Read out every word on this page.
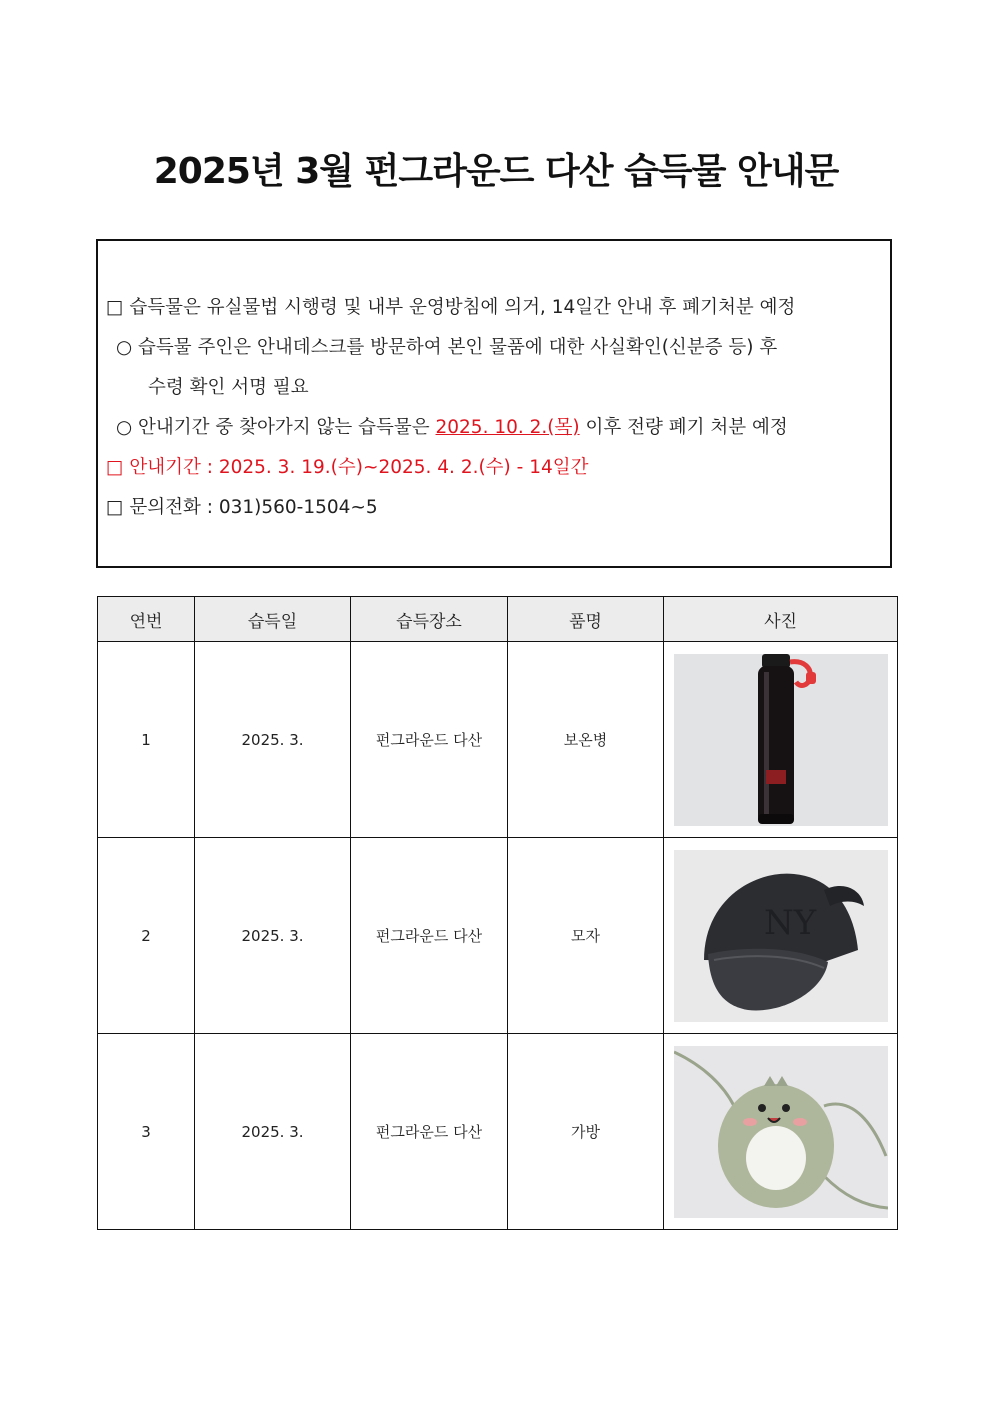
2025년 3월 펀그라운드 다산 습득물 안내문
□ 습득물은 유실물법 시행령 및 내부 운영방침에 의거, 14일간 안내 후 폐기처분 예정
○ 습득물 주인은 안내데스크를 방문하여 본인 물품에 대한 사실확인(신분증 등) 후
수령 확인 서명 필요
○ 안내기간 중 찾아가지 않는 습득물은 2025. 10. 2.(목) 이후 전량 폐기 처분 예정
□ 안내기간 : 2025. 3. 19.(수)~2025. 4. 2.(수) - 14일간
□ 문의전화 : 031)560-1504~5
연번	습득일	습득장소	품명	사진
1	2025. 3.	펀그라운드 다산	보온병	

2	2025. 3.	펀그라운드 다산	모자	NY

3	2025. 3.	펀그라운드 다산	가방	
